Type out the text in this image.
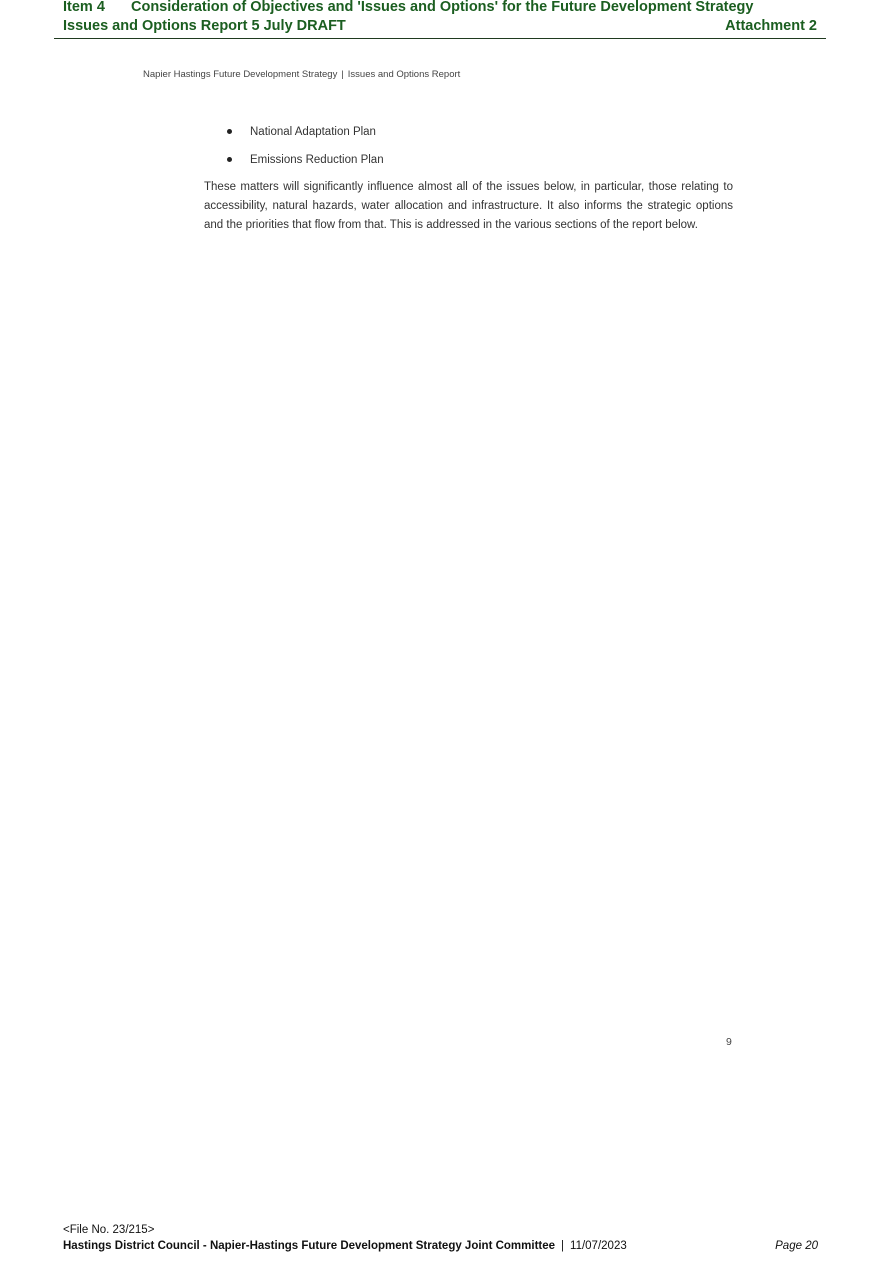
Item 4 Consideration of Objectives and 'Issues and Options' for the Future Development Strategy
Issues and Options Report 5 July DRAFT	Attachment 2
Napier Hastings Future Development Strategy | Issues and Options Report
National Adaptation Plan
Emissions Reduction Plan

These matters will significantly influence almost all of the issues below, in particular, those relating to accessibility, natural hazards, water allocation and infrastructure. It also informs the strategic options and the priorities that flow from that. This is addressed in the various sections of the report below.

9
<File No. 23/215>
Hastings District Council - Napier-Hastings Future Development Strategy Joint Committee | 11/07/2023	Page 20
